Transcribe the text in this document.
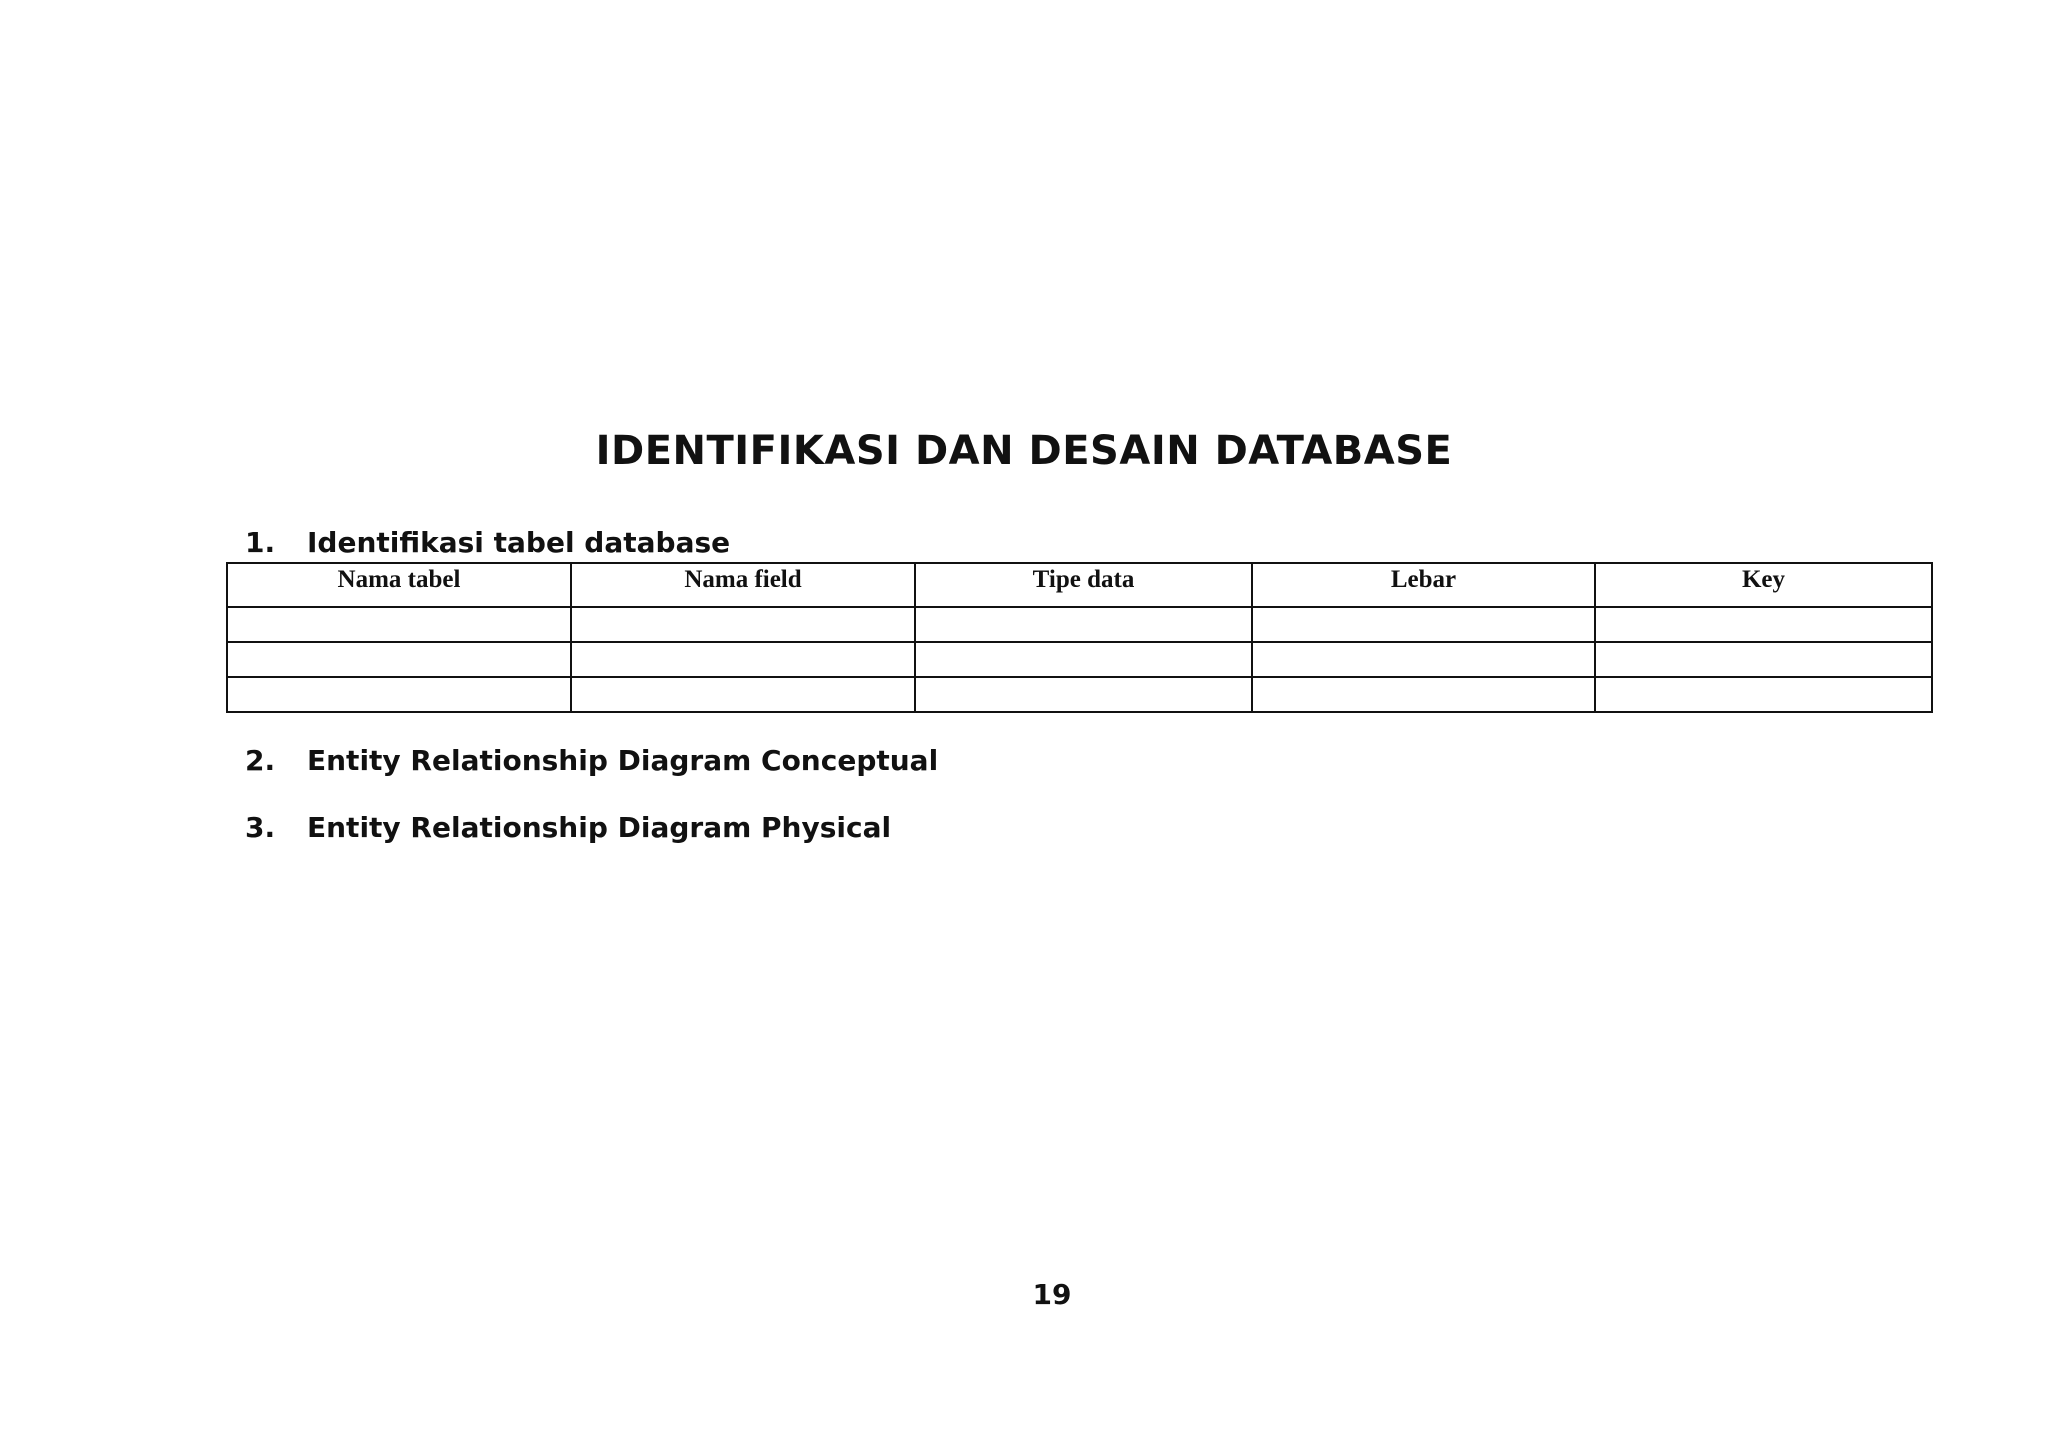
IDENTIFIKASI DAN DESAIN DATABASE
1. Identifikasi tabel database
Nama tabel	Nama field	Tipe data	Lebar	Key

2. Entity Relationship Diagram Conceptual
3. Entity Relationship Diagram Physical
19
